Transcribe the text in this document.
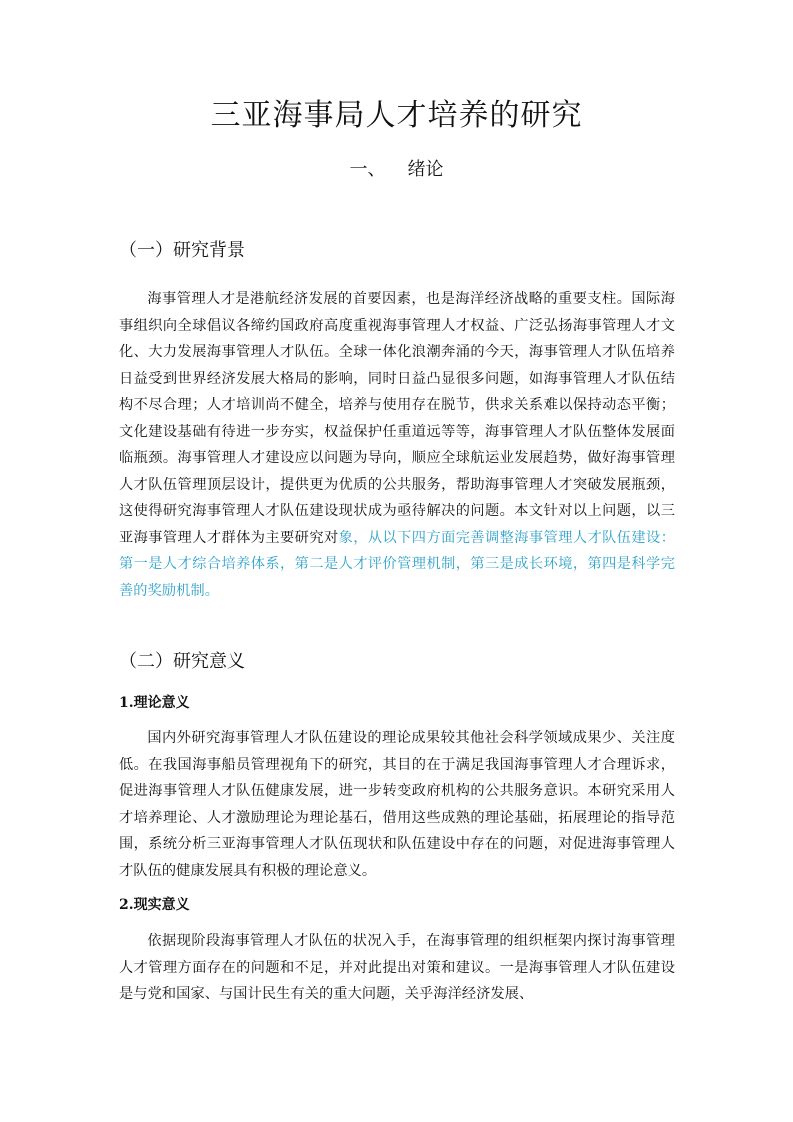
三亚海事局人才培养的研究
一、 绪论
（一）研究背景

海事管理人才是港航经济发展的首要因素，也是海洋经济战略的重要支柱。国际海事组织向全球倡议各缔约国政府高度重视海事管理人才权益、广泛弘扬海事管理人才文化、大力发展海事管理人才队伍。全球一体化浪潮奔涌的今天，海事管理人才队伍培养日益受到世界经济发展大格局的影响，同时日益凸显很多问题，如海事管理人才队伍结构不尽合理；人才培训尚不健全，培养与使用存在脱节，供求关系难以保持动态平衡；文化建设基础有待进一步夯实，权益保护任重道远等等，海事管理人才队伍整体发展面临瓶颈。海事管理人才建设应以问题为导向，顺应全球航运业发展趋势，做好海事管理人才队伍管理顶层设计，提供更为优质的公共服务，帮助海事管理人才突破发展瓶颈，这使得研究海事管理人才队伍建设现状成为亟待解决的问题。本文针对以上问题，以三亚海事管理人才群体为主要研究对象，从以下四方面完善调整海事管理人才队伍建设：第一是人才综合培养体系，第二是人才评价管理机制，第三是成长环境，第四是科学完善的奖励机制。

（二）研究意义
1.理论意义

国内外研究海事管理人才队伍建设的理论成果较其他社会科学领域成果少、关注度低。在我国海事船员管理视角下的研究，其目的在于满足我国海事管理人才合理诉求，促进海事管理人才队伍健康发展，进一步转变政府机构的公共服务意识。本研究采用人才培养理论、人才激励理论为理论基石，借用这些成熟的理论基础，拓展理论的指导范围，系统分析三亚海事管理人才队伍现状和队伍建设中存在的问题，对促进海事管理人才队伍的健康发展具有积极的理论意义。

2.现实意义

依据现阶段海事管理人才队伍的状况入手，在海事管理的组织框架内探讨海事管理人才管理方面存在的问题和不足，并对此提出对策和建议。一是海事管理人才队伍建设是与党和国家、与国计民生有关的重大问题，关乎海洋经济发展、
